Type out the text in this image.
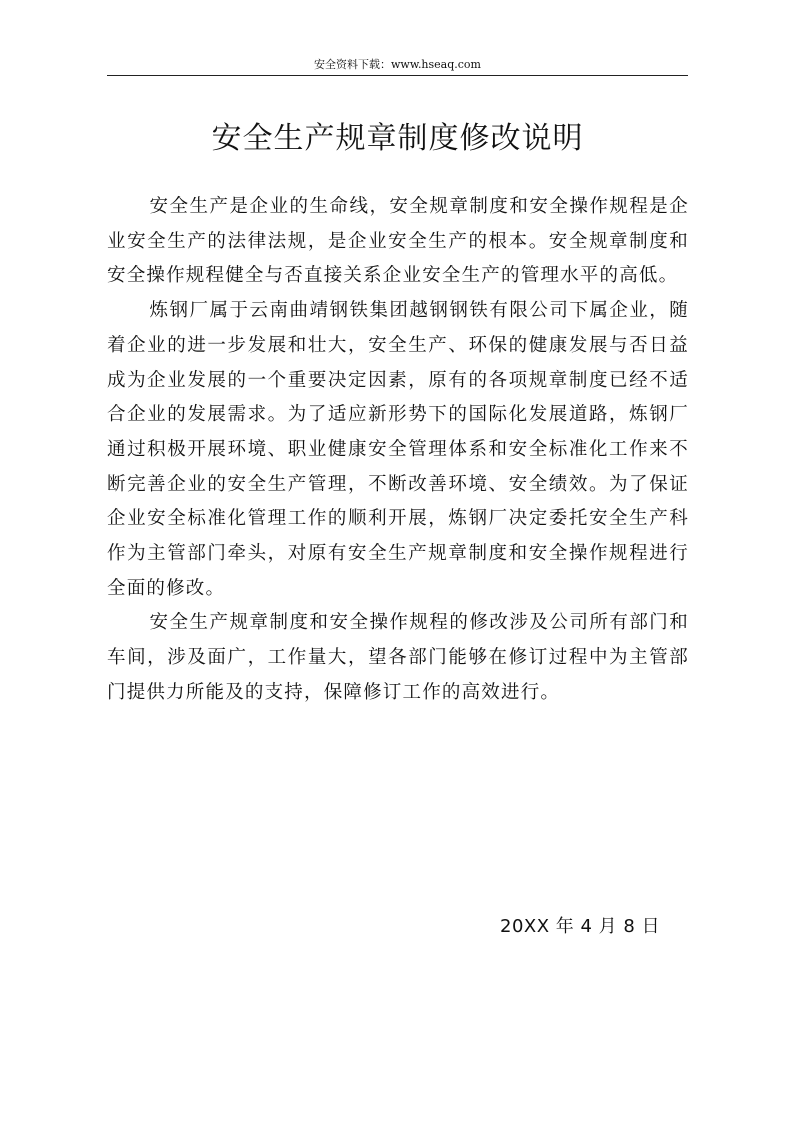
安全资料下载：www.hseaq.com
安全生产规章制度修改说明

安全生产是企业的生命线，安全规章制度和安全操作规程是企业安全生产的法律法规，是企业安全生产的根本。安全规章制度和安全操作规程健全与否直接关系企业安全生产的管理水平的高低。

炼钢厂属于云南曲靖钢铁集团越钢钢铁有限公司下属企业，随着企业的进一步发展和壮大，安全生产、环保的健康发展与否日益成为企业发展的一个重要决定因素，原有的各项规章制度已经不适合企业的发展需求。为了适应新形势下的国际化发展道路，炼钢厂通过积极开展环境、职业健康安全管理体系和安全标准化工作来不断完善企业的安全生产管理，不断改善环境、安全绩效。为了保证企业安全标准化管理工作的顺利开展，炼钢厂决定委托安全生产科作为主管部门牵头，对原有安全生产规章制度和安全操作规程进行全面的修改。

安全生产规章制度和安全操作规程的修改涉及公司所有部门和车间，涉及面广，工作量大，望各部门能够在修订过程中为主管部门提供力所能及的支持，保障修订工作的高效进行。

20XX 年 4 月 8 日
